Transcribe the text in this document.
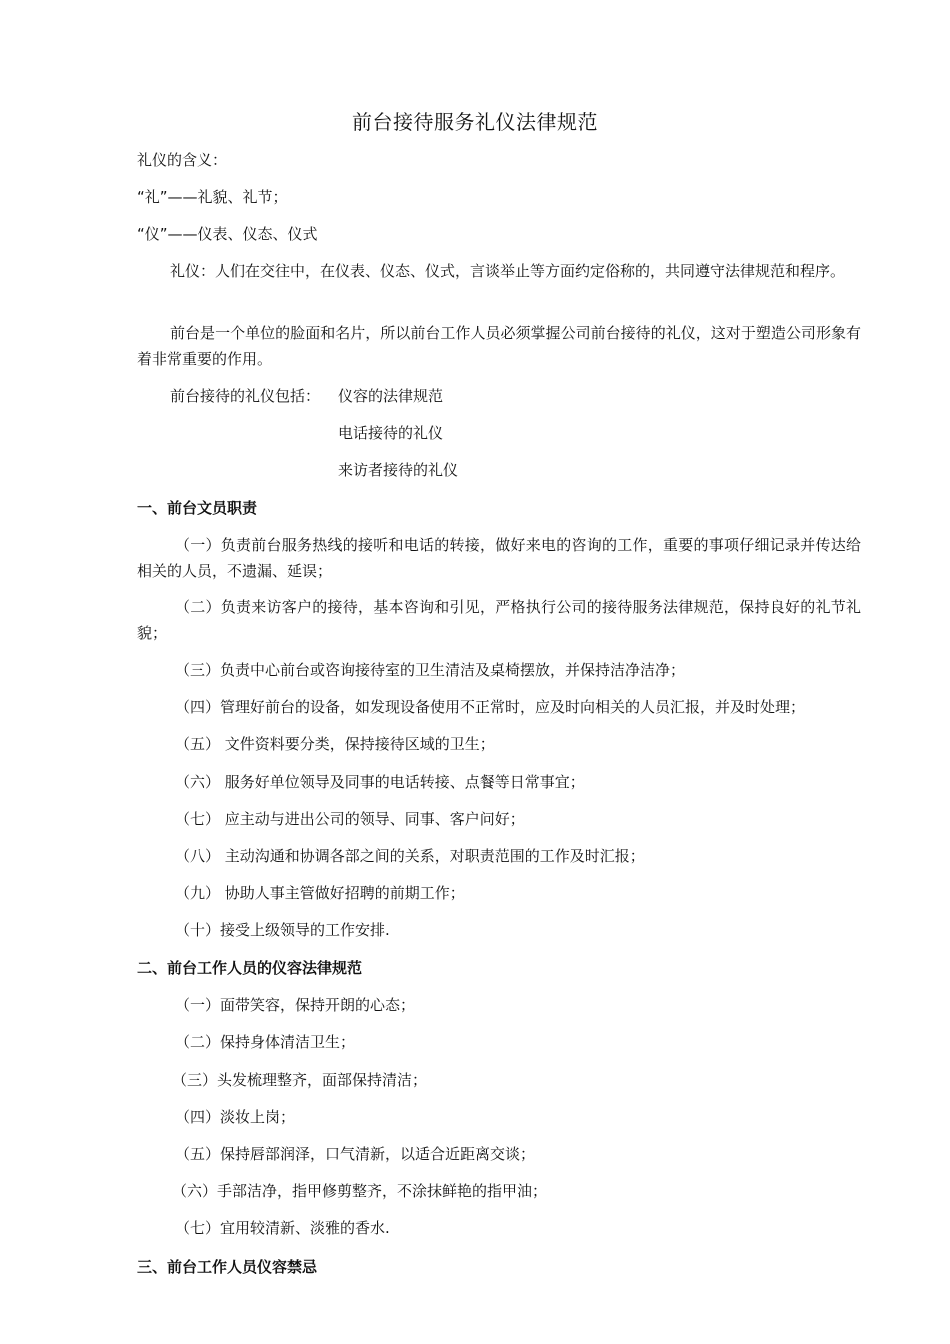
前台接待服务礼仪法律规范
礼仪的含义：
“礼”——礼貌、礼节；
“仪”——仪表、仪态、仪式
礼仪：人们在交往中，在仪表、仪态、仪式，言谈举止等方面约定俗称的，共同遵守法律规范和程序。
前台是一个单位的脸面和名片，所以前台工作人员必须掌握公司前台接待的礼仪，这对于塑造公司形象有着非常重要的作用。
前台接待的礼仪包括： 仪容的法律规范
电话接待的礼仪
来访者接待的礼仪
一、前台文员职责
（一）负责前台服务热线的接听和电话的转接，做好来电的咨询的工作，重要的事项仔细记录并传达给相关的人员，不遗漏、延误；
（二）负责来访客户的接待，基本咨询和引见，严格执行公司的接待服务法律规范，保持良好的礼节礼貌；
（三）负责中心前台或咨询接待室的卫生清洁及桌椅摆放，并保持洁净洁净；
（四）管理好前台的设备，如发现设备使用不正常时，应及时向相关的人员汇报，并及时处理；
（五） 文件资料要分类，保持接待区域的卫生；
（六） 服务好单位领导及同事的电话转接、点餐等日常事宜；
（七） 应主动与进出公司的领导、同事、客户问好；
（八） 主动沟通和协调各部之间的关系，对职责范围的工作及时汇报；
（九） 协助人事主管做好招聘的前期工作；
（十）接受上级领导的工作安排.
二、前台工作人员的仪容法律规范
（一）面带笑容，保持开朗的心态；
（二）保持身体清洁卫生；
（三）头发梳理整齐，面部保持清洁；
（四）淡妆上岗；
（五）保持唇部润泽，口气清新，以适合近距离交谈；
（六）手部洁净，指甲修剪整齐，不涂抹鲜艳的指甲油；
（七）宜用较清新、淡雅的香水.
三、前台工作人员仪容禁忌
